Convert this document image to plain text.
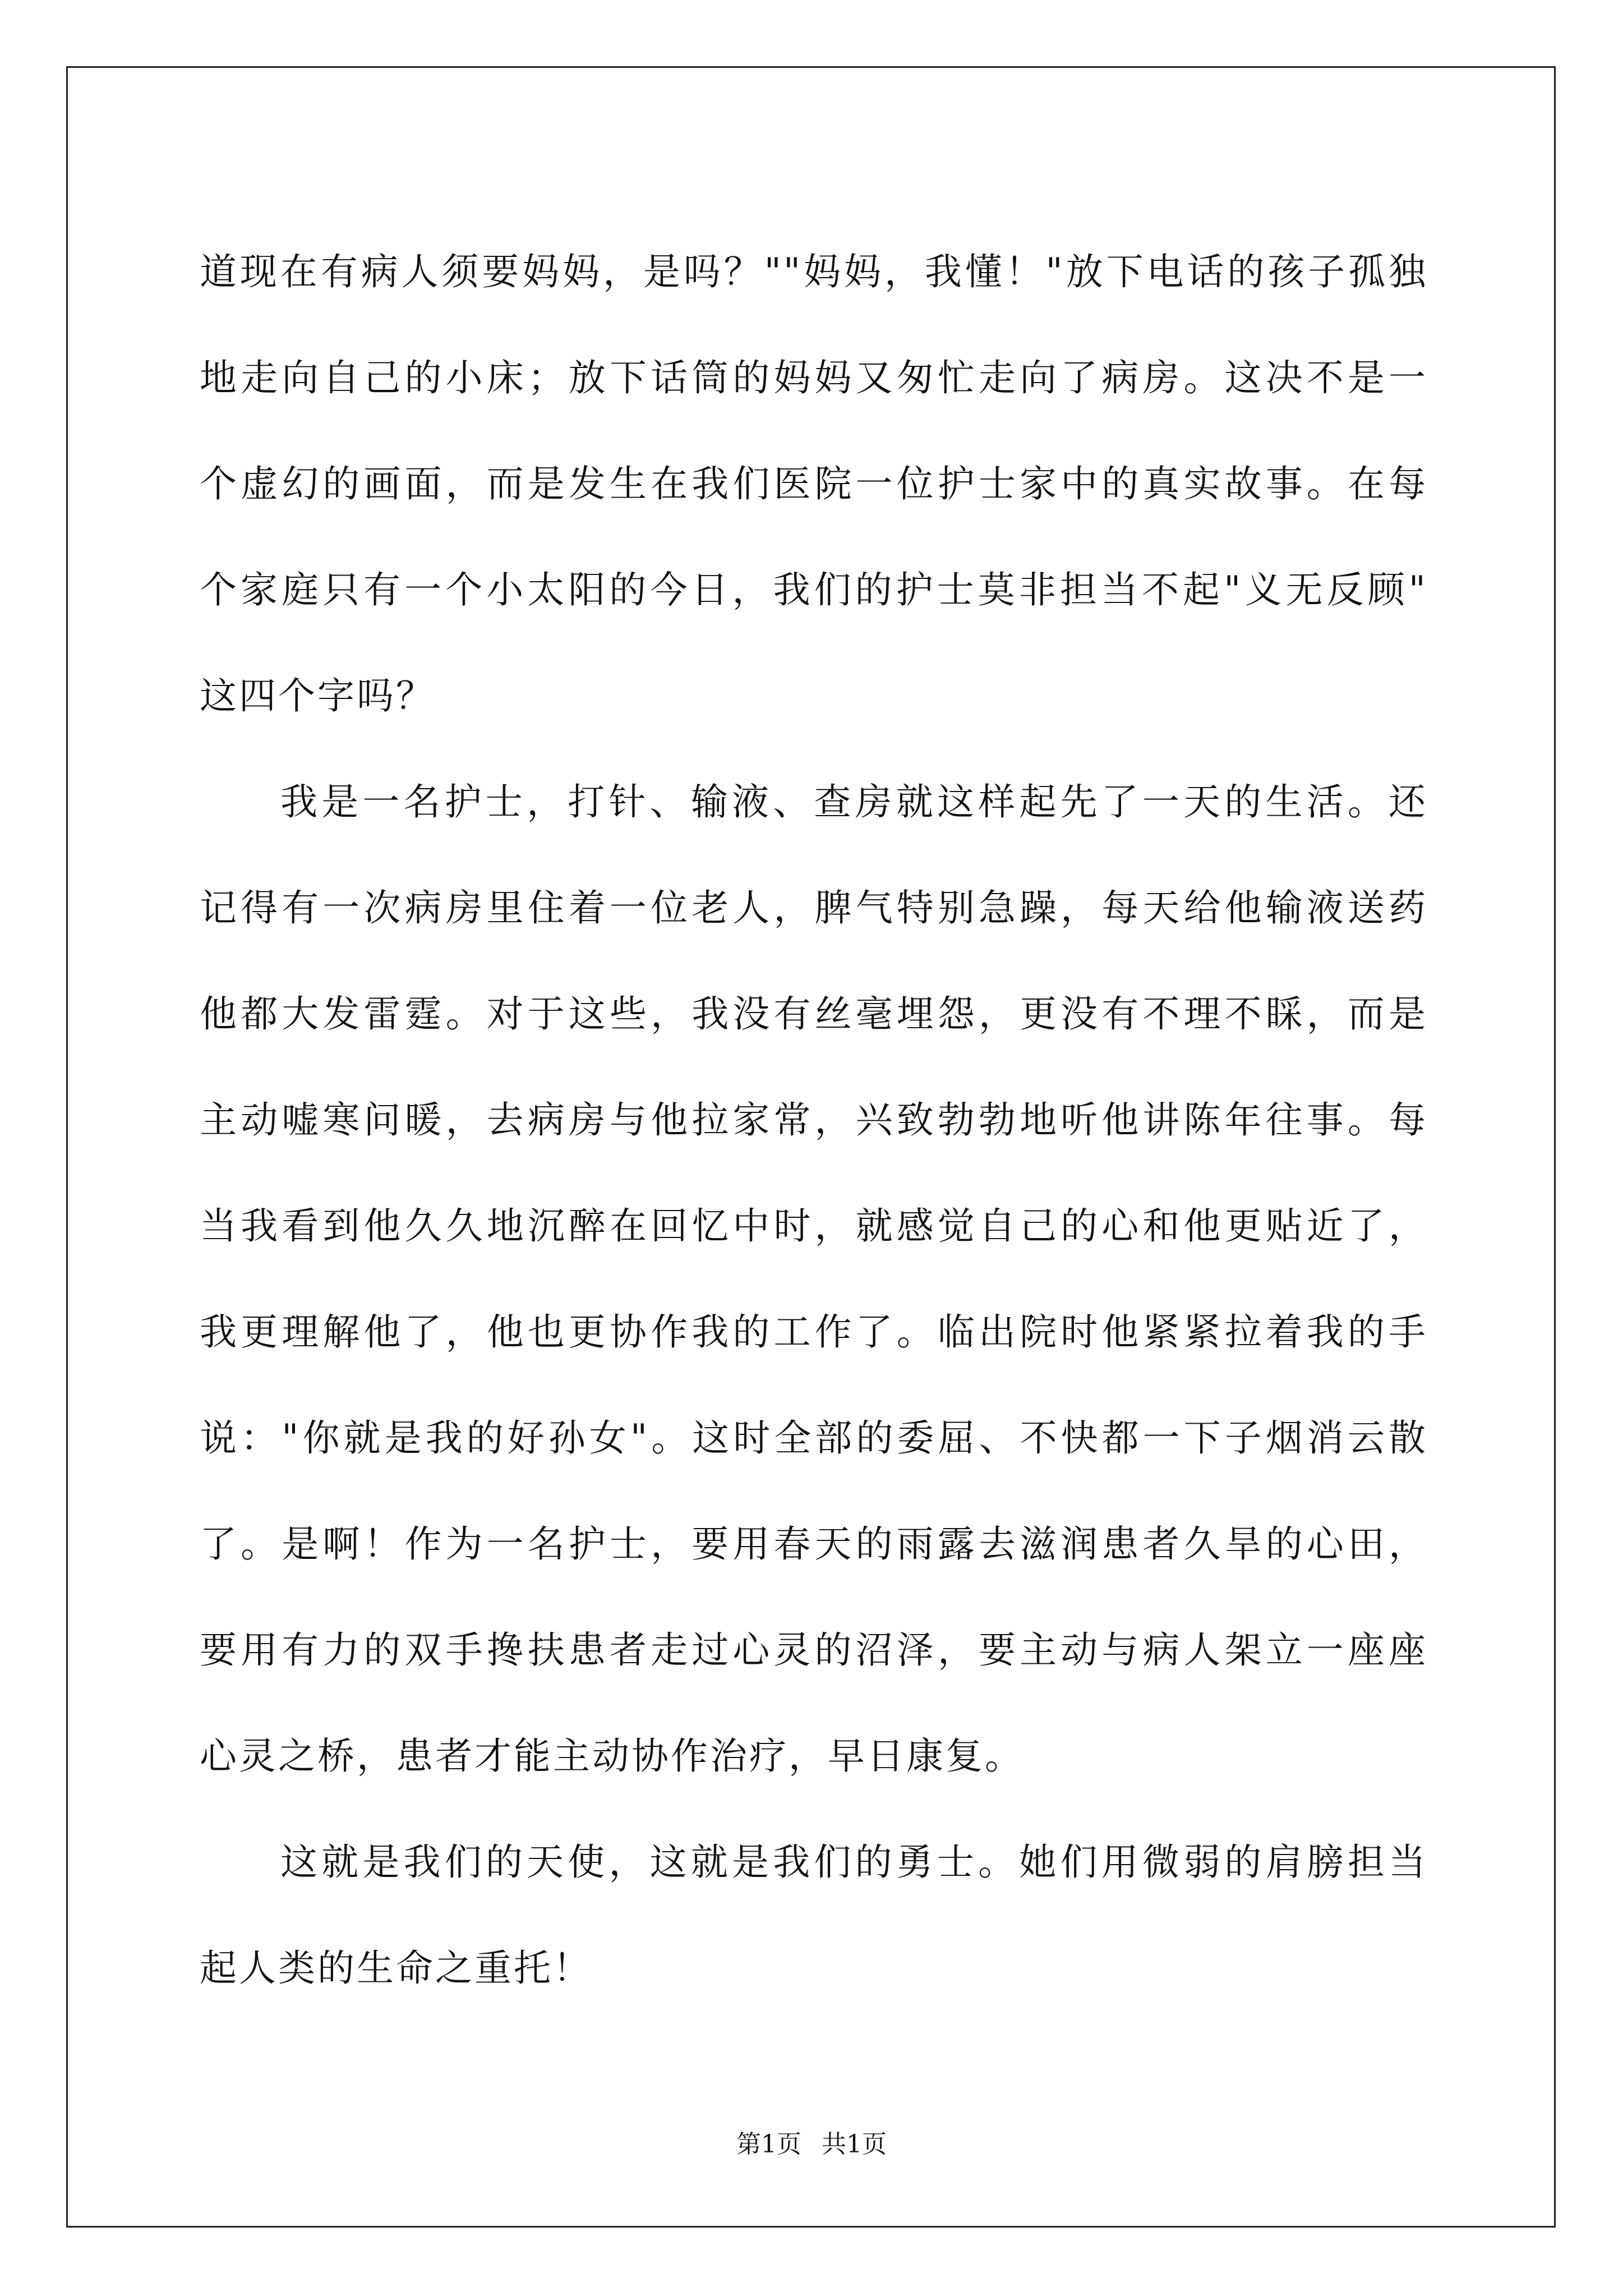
道现在有病人须要妈妈，是吗？""妈妈，我懂！"放下电话的孩子孤独
地走向自己的小床；放下话筒的妈妈又匆忙走向了病房。这决不是一
个虚幻的画面，而是发生在我们医院一位护士家中的真实故事。在每
个家庭只有一个小太阳的今日，我们的护士莫非担当不起"义无反顾"
这四个字吗？
我是一名护士，打针、输液、查房就这样起先了一天的生活。还
记得有一次病房里住着一位老人，脾气特别急躁，每天给他输液送药
他都大发雷霆。对于这些，我没有丝毫埋怨，更没有不理不睬，而是
主动嘘寒问暖，去病房与他拉家常，兴致勃勃地听他讲陈年往事。每
当我看到他久久地沉醉在回忆中时，就感觉自己的心和他更贴近了，
我更理解他了，他也更协作我的工作了。临出院时他紧紧拉着我的手
说："你就是我的好孙女"。这时全部的委屈、不快都一下子烟消云散
了。是啊！作为一名护士，要用春天的雨露去滋润患者久旱的心田，
要用有力的双手搀扶患者走过心灵的沼泽，要主动与病人架立一座座
心灵之桥，患者才能主动协作治疗，早日康复。
这就是我们的天使，这就是我们的勇士。她们用微弱的肩膀担当
起人类的生命之重托！
第1页 共1页
